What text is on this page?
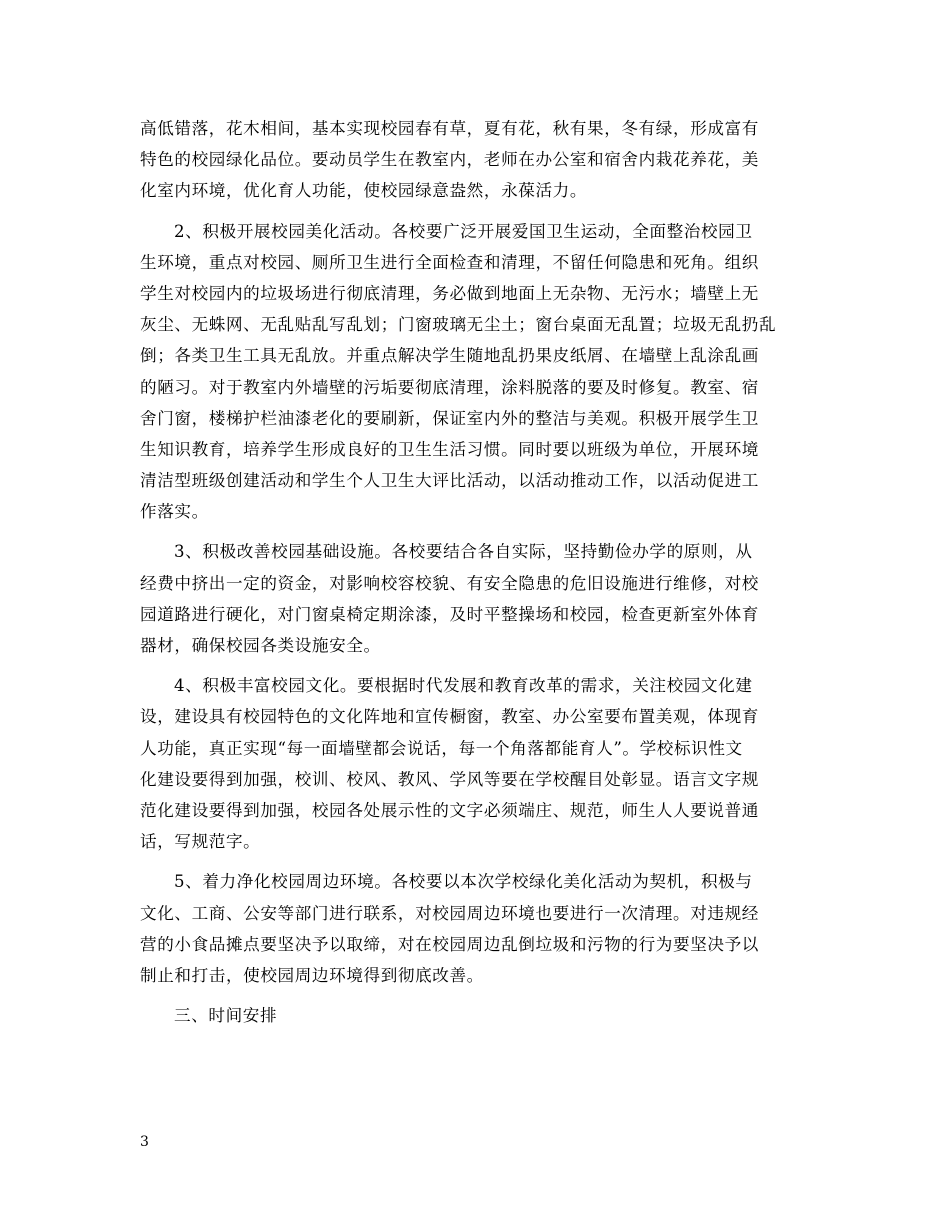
高低错落，花木相间，基本实现校园春有草，夏有花，秋有果，冬有绿，形成富有
特色的校园绿化品位。要动员学生在教室内，老师在办公室和宿舍内栽花养花，美
化室内环境，优化育人功能，使校园绿意盎然，永葆活力。
2、积极开展校园美化活动。各校要广泛开展爱国卫生运动，全面整治校园卫
生环境，重点对校园、厕所卫生进行全面检查和清理，不留任何隐患和死角。组织
学生对校园内的垃圾场进行彻底清理，务必做到地面上无杂物、无污水；墙壁上无
灰尘、无蛛网、无乱贴乱写乱划；门窗玻璃无尘土；窗台桌面无乱置；垃圾无乱扔乱
倒；各类卫生工具无乱放。并重点解决学生随地乱扔果皮纸屑、在墙壁上乱涂乱画
的陋习。对于教室内外墙壁的污垢要彻底清理，涂料脱落的要及时修复。教室、宿
舍门窗，楼梯护栏油漆老化的要刷新，保证室内外的整洁与美观。积极开展学生卫
生知识教育，培养学生形成良好的卫生生活习惯。同时要以班级为单位，开展环境
清洁型班级创建活动和学生个人卫生大评比活动，以活动推动工作，以活动促进工
作落实。
3、积极改善校园基础设施。各校要结合各自实际，坚持勤俭办学的原则，从
经费中挤出一定的资金，对影响校容校貌、有安全隐患的危旧设施进行维修，对校
园道路进行硬化，对门窗桌椅定期涂漆，及时平整操场和校园，检查更新室外体育
器材，确保校园各类设施安全。
4、积极丰富校园文化。要根据时代发展和教育改革的需求，关注校园文化建
设，建设具有校园特色的文化阵地和宣传橱窗，教室、办公室要布置美观，体现育
人功能，真正实现“每一面墙壁都会说话，每一个角落都能育人”。学校标识性文
化建设要得到加强，校训、校风、教风、学风等要在学校醒目处彰显。语言文字规
范化建设要得到加强，校园各处展示性的文字必须端庄、规范，师生人人要说普通
话，写规范字。
5、着力净化校园周边环境。各校要以本次学校绿化美化活动为契机，积极与
文化、工商、公安等部门进行联系，对校园周边环境也要进行一次清理。对违规经
营的小食品摊点要坚决予以取缔，对在校园周边乱倒垃圾和污物的行为要坚决予以
制止和打击，使校园周边环境得到彻底改善。
三、时间安排
3
